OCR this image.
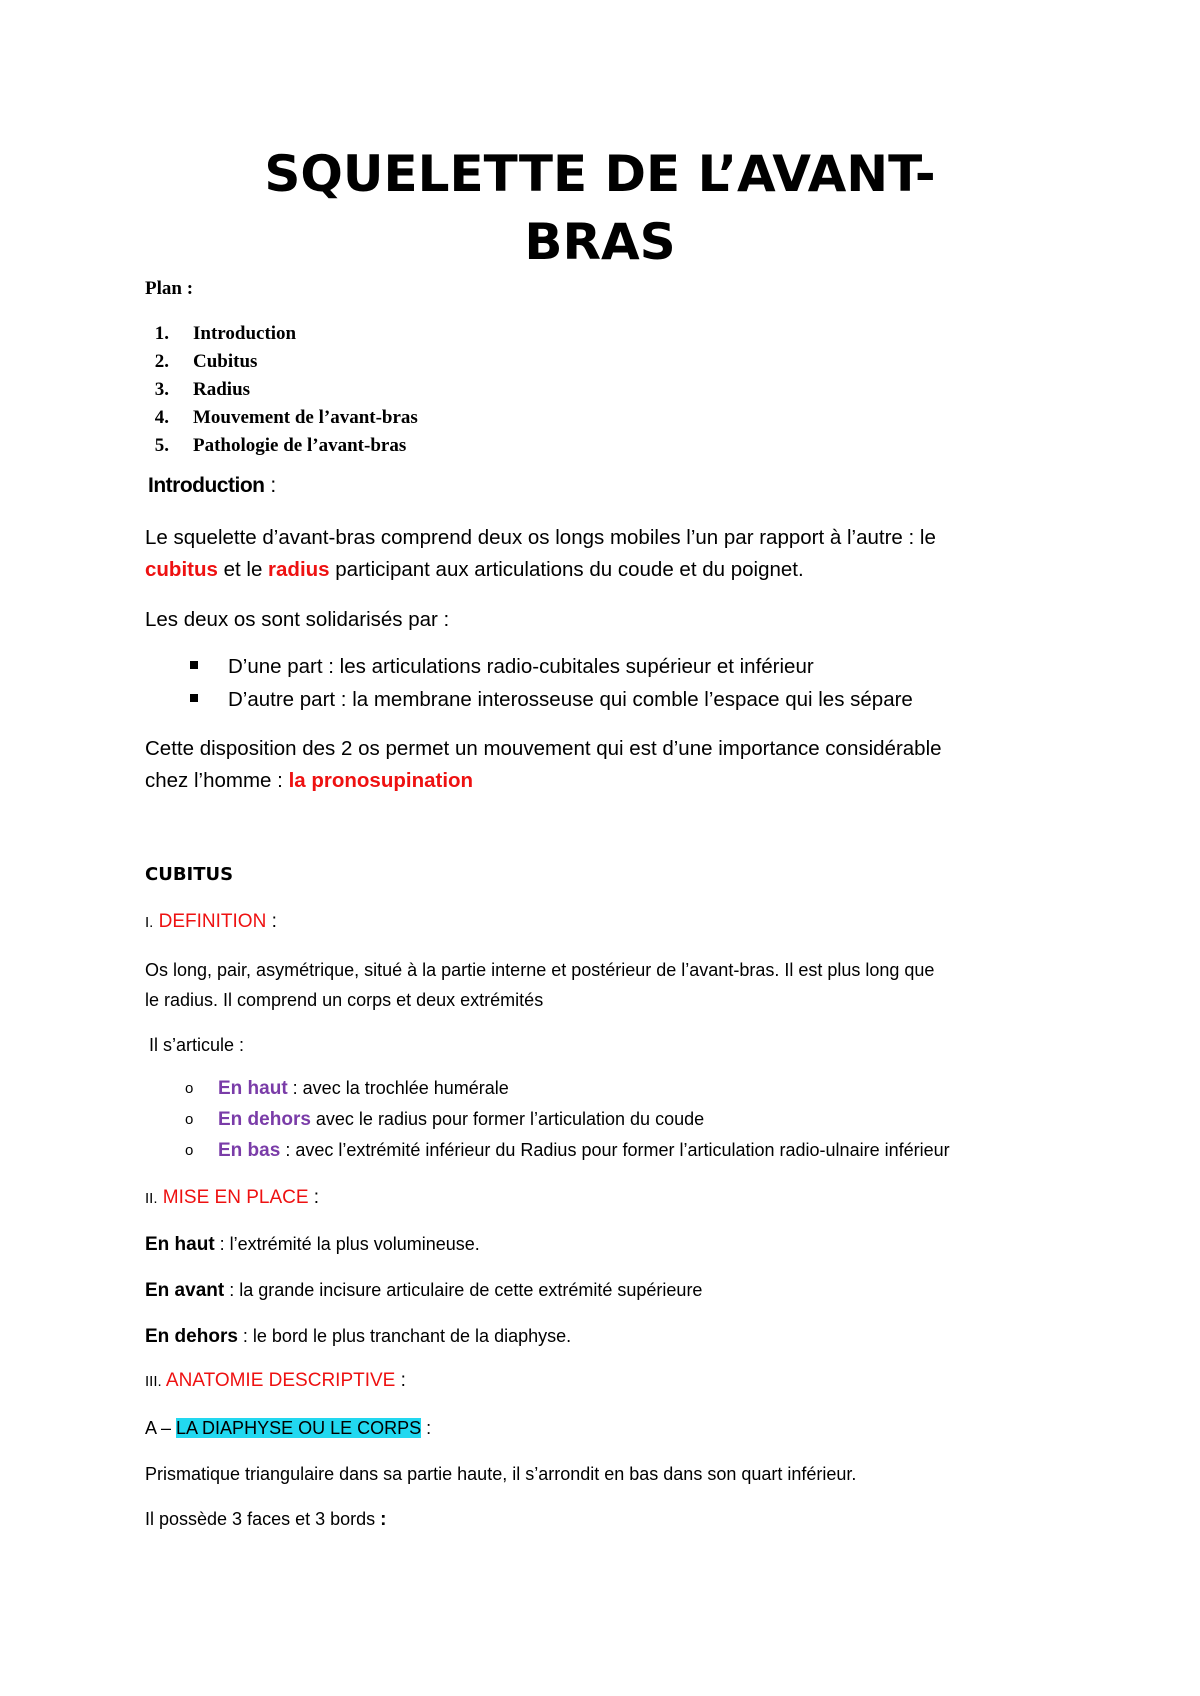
SQUELETTE DE L’AVANT-
BRAS
Plan :
1. Introduction
2. Cubitus
3. Radius
4. Mouvement de l’avant-bras
5. Pathologie de l’avant-bras
Introduction :

Le squelette d’avant-bras comprend deux os longs mobiles l’un par rapport à l’autre : le
cubitus et le radius participant aux articulations du coude et du poignet.

Les deux os sont solidarisés par :

D’une part : les articulations radio-cubitales supérieur et inférieur
D’autre part : la membrane interosseuse qui comble l’espace qui les sépare

Cette disposition des 2 os permet un mouvement qui est d’une importance considérable
chez l’homme : la pronosupination

CUBITUS

I. DEFINITION :

Os long, pair, asymétrique, situé à la partie interne et postérieur de l’avant-bras. Il est plus long que
le radius. Il comprend un corps et deux extrémités

Il s’articule :

o En haut : avec la trochlée humérale
o En dehors avec le radius pour former l’articulation du coude
o En bas : avec l’extrémité inférieur du Radius pour former l’articulation radio-ulnaire inférieur

II. MISE EN PLACE :

En haut : l’extrémité la plus volumineuse.

En avant : la grande incisure articulaire de cette extrémité supérieure

En dehors : le bord le plus tranchant de la diaphyse.

III. ANATOMIE DESCRIPTIVE :

A – LA DIAPHYSE OU LE CORPS :

Prismatique triangulaire dans sa partie haute, il s’arrondit en bas dans son quart inférieur.

Il possède 3 faces et 3 bords :
